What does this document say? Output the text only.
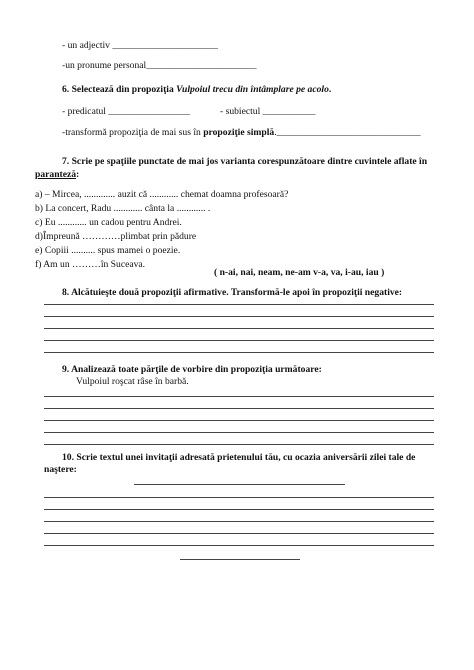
- un adjectiv ______________________
-un pronume personal_______________________
6. Selectează din propoziţia Vulpoiul trecu din întâmplare pe acolo.
- predicatul _________________	- subiectul ___________
-transformă propoziţia de mai sus în propoziţie simplă.______________________________
7. Scrie pe spaţiile punctate de mai jos varianta corespunzătoare dintre cuvintele aflate în
paranteză:
a) – Mircea, ............. auzit că ............ chemat doamna profesoară?
b) La concert, Radu ............ cânta la ............ .
c) Eu ............ un cadou pentru Andrei.
d)Împreună …………plimbat prin pădure
e) Copiii .......... spus mamei o poezie.
f) Am un ………în Suceava.
( n-ai, nai, neam, ne-am v-a, va, i-au, iau )
8. Alcătuieşte două propoziţii afirmative. Transformă-le apoi în propoziţii negative:
9. Analizează toate părţile de vorbire din propoziţia următoare:
Vulpoiul roşcat râse în barbă.
10. Scrie textul unei invitaţii adresată prietenului tău, cu ocazia aniversării zilei tale de
naştere:
